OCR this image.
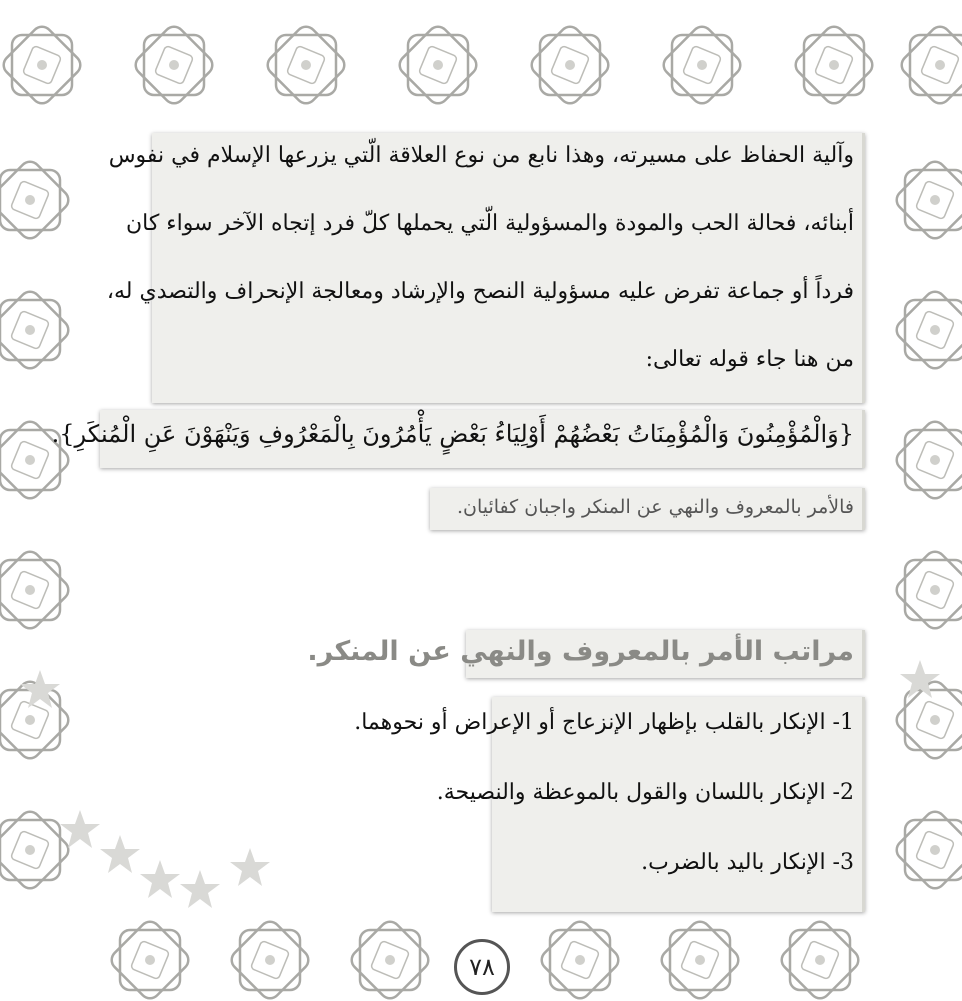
وآلية الحفاظ على مسيرته، وهذا نابع من نوع العلاقة الّتي يزرعها الإسلام في نفوس
أبنائه، فحالة الحب والمودة والمسؤولية الّتي يحملها كلّ فرد إتجاه الآخر سواء كان
فرداً أو جماعة تفرض عليه مسؤولية النصح والإرشاد ومعالجة الإنحراف والتصدي له،
من هنا جاء قوله تعالى:
{وَالْمُؤْمِنُونَ وَالْمُؤْمِنَاتُ بَعْضُهُمْ أَوْلِيَاءُ بَعْضٍ يَأْمُرُونَ بِالْمَعْرُوفِ وَيَنْهَوْنَ عَنِ الْمُنكَرِ}.
فالأمر بالمعروف والنهي عن المنكر واجبان كفائيان.
مراتب الأمر بالمعروف والنهي عن المنكر.
1- الإنكار بالقلب بإظهار الإنزعاج أو الإعراض أو نحوهما.
2- الإنكار باللسان والقول بالموعظة والنصيحة.
3- الإنكار باليد بالضرب.
٧٨
